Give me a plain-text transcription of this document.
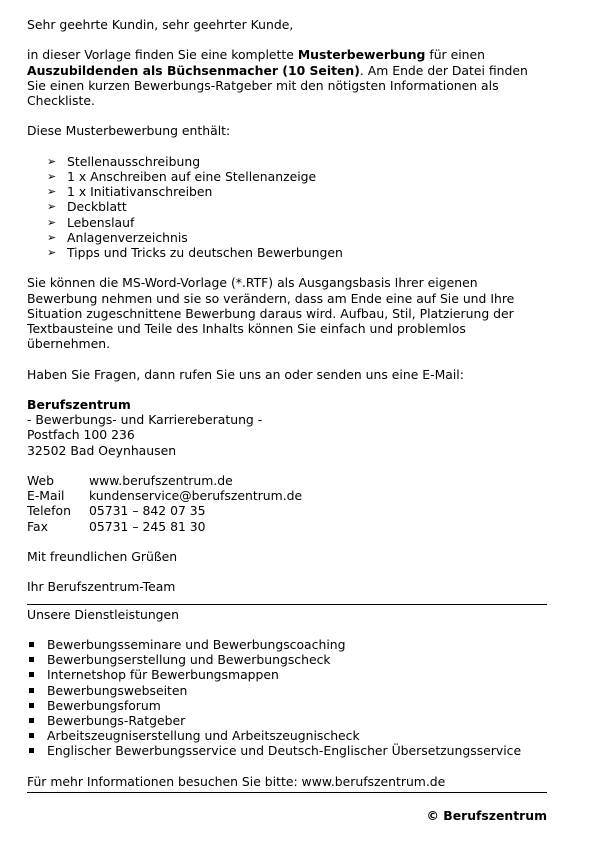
Sehr geehrte Kundin, sehr geehrter Kunde,

in dieser Vorlage finden Sie eine komplette Musterbewerbung für einen Auszubildenden als Büchsenmacher (10 Seiten). Am Ende der Datei finden Sie einen kurzen Bewerbungs-Ratgeber mit den nötigsten Informationen als Checkliste.

Diese Musterbewerbung enthält:

➢ Stellenausschreibung
➢ 1 x Anschreiben auf eine Stellenanzeige
➢ 1 x Initiativanschreiben
➢ Deckblatt
➢ Lebenslauf
➢ Anlagenverzeichnis
➢ Tipps und Tricks zu deutschen Bewerbungen

Sie können die MS-Word-Vorlage (*.RTF) als Ausgangsbasis Ihrer eigenen Bewerbung nehmen und sie so verändern, dass am Ende eine auf Sie und Ihre Situation zugeschnittene Bewerbung daraus wird. Aufbau, Stil, Platzierung der Textbausteine und Teile des Inhalts können Sie einfach und problemlos übernehmen.

Haben Sie Fragen, dann rufen Sie uns an oder senden uns eine E-Mail:

Berufszentrum

- Bewerbungs- und Karriereberatung -

Postfach 100 236

32502 Bad Oeynhausen

Web	www.berufszentrum.de
E-Mail	kundenservice@berufszentrum.de
Telefon	05731 – 842 07 35
Fax	05731 – 245 81 30

Mit freundlichen Grüßen

Ihr Berufszentrum-Team

Unsere Dienstleistungen

Bewerbungsseminare und Bewerbungscoaching
Bewerbungserstellung und Bewerbungscheck
Internetshop für Bewerbungsmappen
Bewerbungswebseiten
Bewerbungsforum
Bewerbungs-Ratgeber
Arbeitszeugniserstellung und Arbeitszeugnischeck
Englischer Bewerbungsservice und Deutsch-Englischer Übersetzungsservice

Für mehr Informationen besuchen Sie bitte: www.berufszentrum.de

© Berufszentrum
